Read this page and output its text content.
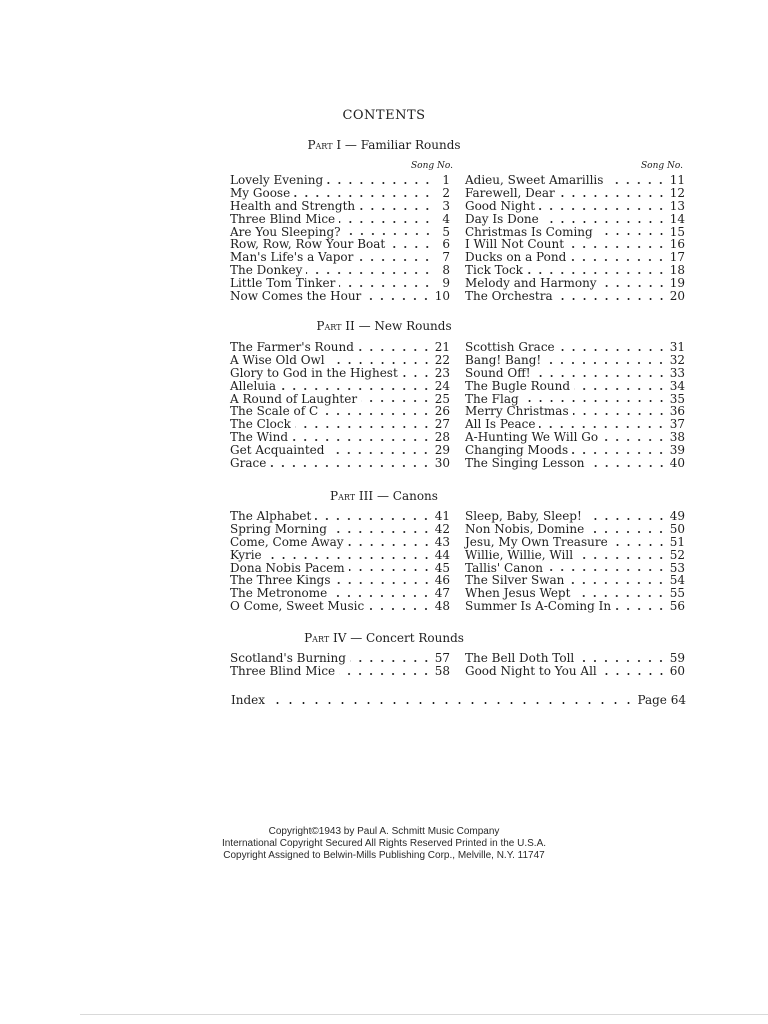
CONTENTS
Song No.	Song No.
Part I — Familiar Rounds
Lovely Evening	1
My Goose	2
Health and Strength	3
Three Blind Mice	4
Are You Sleeping?	5
Row, Row, Row Your Boat	6
Man's Life's a Vapor	7
The Donkey	8
Little Tom Tinker	9
Now Comes the Hour	10
Adieu, Sweet Amarillis	11
Farewell, Dear	12
Good Night	13
Day Is Done	14
Christmas Is Coming	15
I Will Not Count	16
Ducks on a Pond	17
Tick Tock	18
Melody and Harmony	19
The Orchestra	20
Part II — New Rounds
The Farmer's Round	21
A Wise Old Owl	22
Glory to God in the Highest	23
Alleluia	24
A Round of Laughter	25
The Scale of C	26
The Clock	27
The Wind	28
Get Acquainted	29
Grace	30
Scottish Grace	31
Bang! Bang!	32
Sound Off!	33
The Bugle Round	34
The Flag	35
Merry Christmas	36
All Is Peace	37
A-Hunting We Will Go	38
Changing Moods	39
The Singing Lesson	40
Part III — Canons
The Alphabet	41
Spring Morning	42
Come, Come Away	43
Kyrie	44
Dona Nobis Pacem	45
The Three Kings	46
The Metronome	47
O Come, Sweet Music	48
Sleep, Baby, Sleep!	49
Non Nobis, Domine	50
Jesu, My Own Treasure	51
Willie, Willie, Will	52
Tallis' Canon	53
The Silver Swan	54
When Jesus Wept	55
Summer Is A-Coming In	56
Part IV — Concert Rounds
Scotland's Burning	57
Three Blind Mice	58
The Bell Doth Toll	59
Good Night to You All	60
Index	Page 64
Copyright©1943 by Paul A. Schmitt Music Company
International Copyright Secured All Rights Reserved Printed in the U.S.A.
Copyright Assigned to Belwin-Mills Publishing Corp., Melville, N.Y. 11747
